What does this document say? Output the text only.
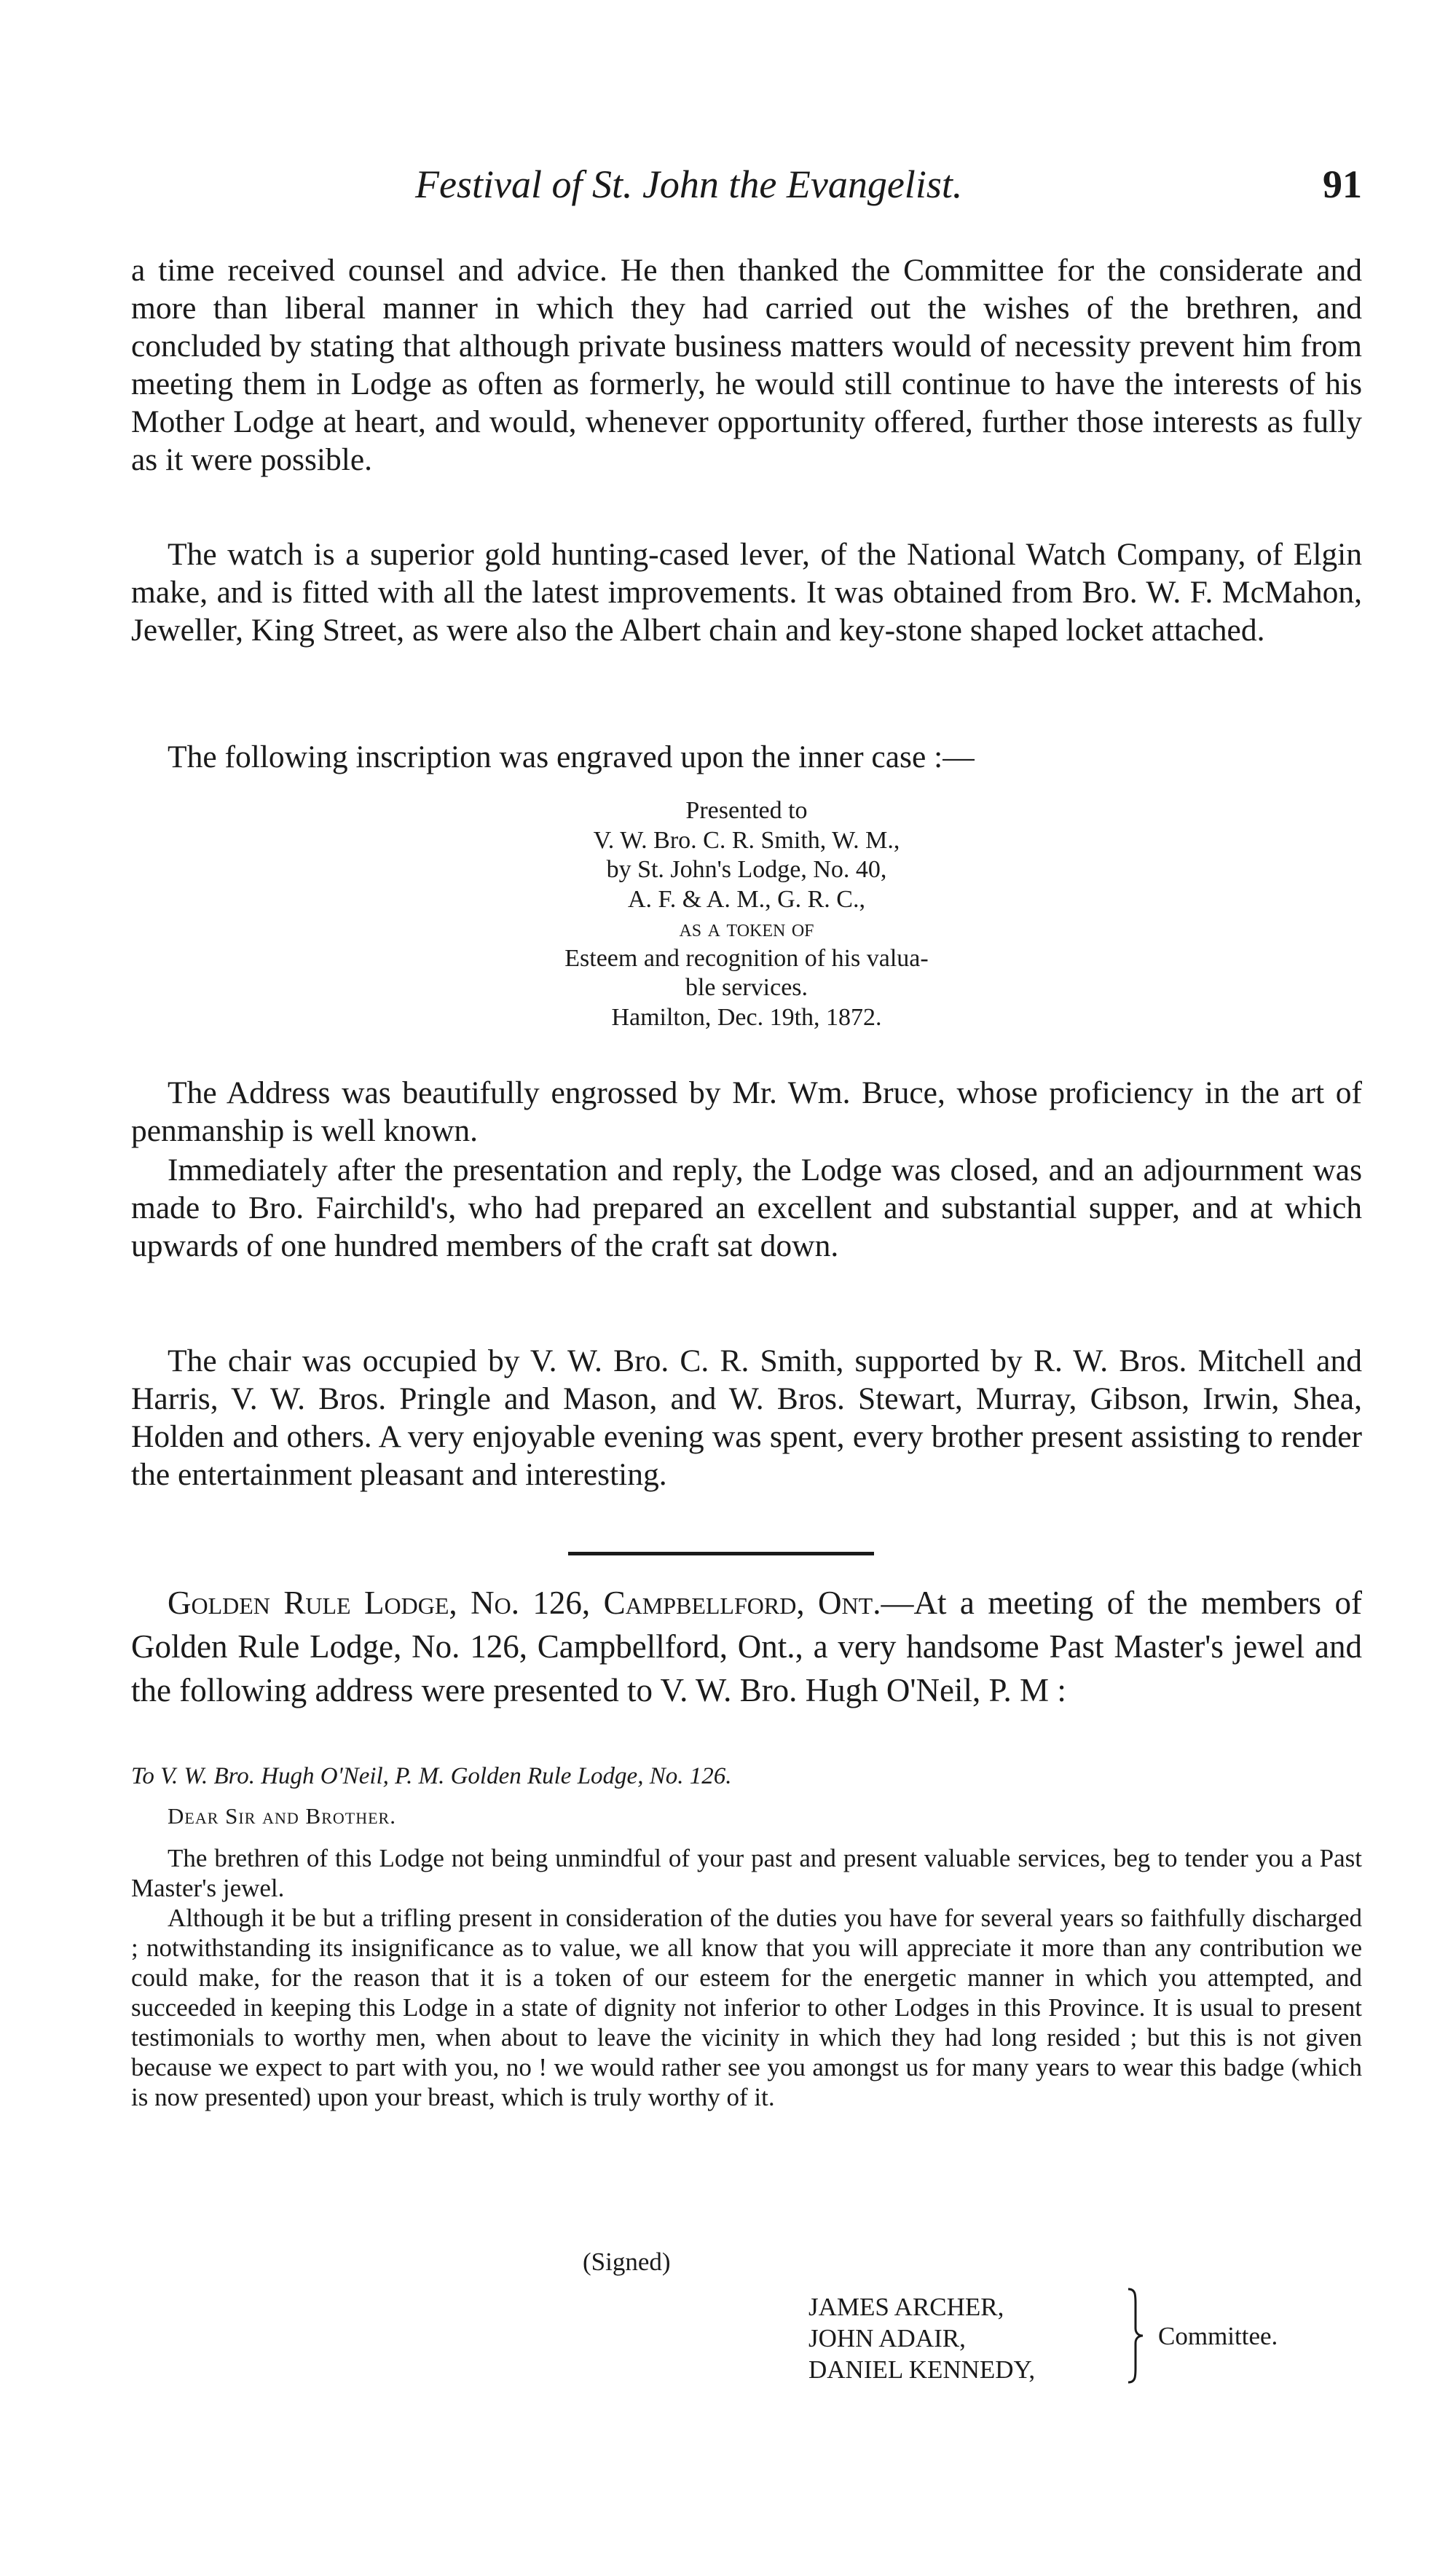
Festival of St. John the Evangelist.	91

a time received counsel and advice. He then thanked the Committee for the considerate and more than liberal manner in which they had carried out the wishes of the brethren, and concluded by stating that although private business matters would of necessity prevent him from meeting them in Lodge as often as formerly, he would still continue to have the interests of his Mother Lodge at heart, and would, whenever opportunity offered, further those interests as fully as it were possible.

The watch is a superior gold hunting-cased lever, of the National Watch Company, of Elgin make, and is fitted with all the latest improvements. It was obtained from Bro. W. F. McMahon, Jeweller, King Street, as were also the Albert chain and key-stone shaped locket attached.

The following inscription was engraved upon the inner case :—

Presented to
V. W. Bro. C. R. Smith, W. M.,
by St. John's Lodge, No. 40,
A. F. & A. M., G. R. C.,
as a token of
Esteem and recognition of his valua-
ble services.
Hamilton, Dec. 19th, 1872.

The Address was beautifully engrossed by Mr. Wm. Bruce, whose proficiency in the art of penmanship is well known.

Immediately after the presentation and reply, the Lodge was closed, and an adjournment was made to Bro. Fairchild's, who had prepared an excellent and substantial supper, and at which upwards of one hundred members of the craft sat down.

The chair was occupied by V. W. Bro. C. R. Smith, supported by R. W. Bros. Mitchell and Harris, V. W. Bros. Pringle and Mason, and W. Bros. Stewart, Murray, Gibson, Irwin, Shea, Holden and others. A very enjoyable evening was spent, every brother present assisting to render the entertainment pleasant and interesting.

Golden Rule Lodge, No. 126, Campbellford, Ont.—At a meeting of the members of Golden Rule Lodge, No. 126, Campbellford, Ont., a very handsome Past Master's jewel and the following address were presented to V. W. Bro. Hugh O'Neil, P. M :

To V. W. Bro. Hugh O'Neil, P. M. Golden Rule Lodge, No. 126.
Dear Sir and Brother.

The brethren of this Lodge not being unmindful of your past and present valuable services, beg to tender you a Past Master's jewel.

Although it be but a trifling present in consideration of the duties you have for several years so faithfully discharged ; notwithstanding its insignificance as to value, we all know that you will appreciate it more than any contribution we could make, for the reason that it is a token of our esteem for the energetic manner in which you attempted, and succeeded in keeping this Lodge in a state of dignity not inferior to other Lodges in this Province. It is usual to present testimonials to worthy men, when about to leave the vicinity in which they had long resided ; but this is not given because we expect to part with you, no ! we would rather see you amongst us for many years to wear this badge (which is now presented) upon your breast, which is truly worthy of it.

(Signed)
JAMES ARCHER,
JOHN ADAIR,
DANIEL KENNEDY,
Committee.
